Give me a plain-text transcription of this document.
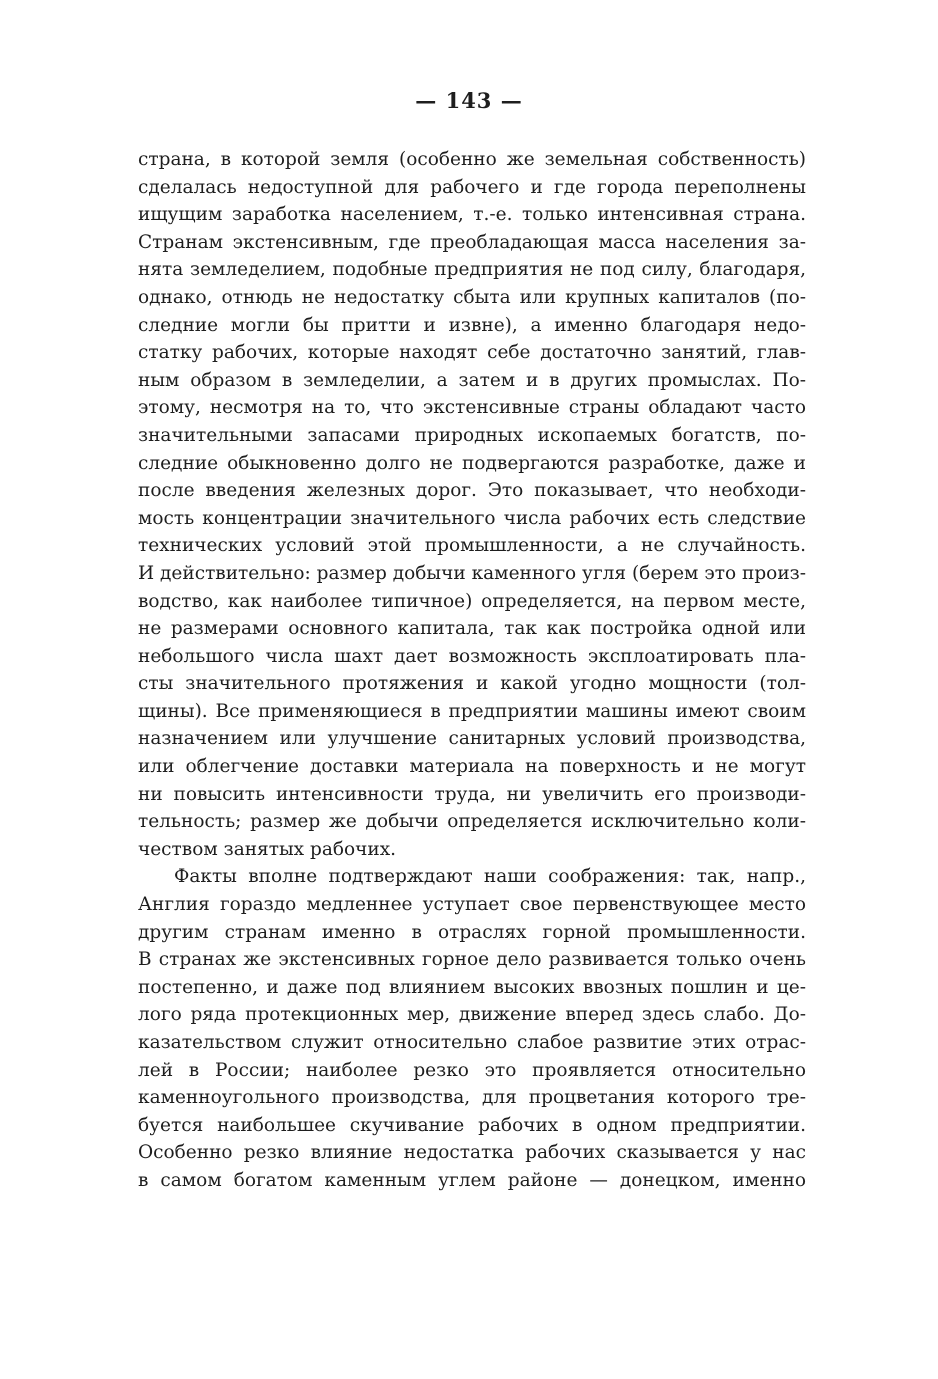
— 143 —
страна, в которой земля (особенно же земельная собственность)
сделалась недоступной для рабочего и где города переполнены
ищущим заработка населением, т.-е. только интенсивная страна.
Странам экстенсивным, где преобладающая масса населения за-
нята земледелием, подобные предприятия не под силу, благодаря,
однако, отнюдь не недостатку сбыта или крупных капиталов (по-
следние могли бы притти и извне), а именно благодаря недо-
статку рабочих, которые находят себе достаточно занятий, глав-
ным образом в земледелии, а затем и в других промыслах. По-
этому, несмотря на то, что экстенсивные страны обладают часто
значительными запасами природных ископаемых богатств, по-
следние обыкновенно долго не подвергаются разработке, даже и
после введения железных дорог. Это показывает, что необходи-
мость концентрации значительного числа рабочих есть следствие
технических условий этой промышленности, а не случайность.
И действительно: размер добычи каменного угля (берем это произ-
водство, как наиболее типичное) определяется, на первом месте,
не размерами основного капитала, так как постройка одной или
небольшого числа шахт дает возможность эксплоатировать пла-
сты значительного протяжения и какой угодно мощности (тол-
щины). Все применяющиеся в предприятии машины имеют своим
назначением или улучшение санитарных условий производства,
или облегчение доставки материала на поверхность и не могут
ни повысить интенсивности труда, ни увеличить его производи-
тельность; размер же добычи определяется исключительно коли-
чеством занятых рабочих.
Факты вполне подтверждают наши соображения: так, напр.,
Англия гораздо медленнее уступает свое первенствующее место
другим странам именно в отраслях горной промышленности.
В странах же экстенсивных горное дело развивается только очень
постепенно, и даже под влиянием высоких ввозных пошлин и це-
лого ряда протекционных мер, движение вперед здесь слабо. До-
казательством служит относительно слабое развитие этих отрас-
лей в России; наиболее резко это проявляется относительно
каменноугольного производства, для процветания которого тре-
буется наибольшее скучивание рабочих в одном предприятии.
Особенно резко влияние недостатка рабочих сказывается у нас
в самом богатом каменным углем районе — донецком, именно
